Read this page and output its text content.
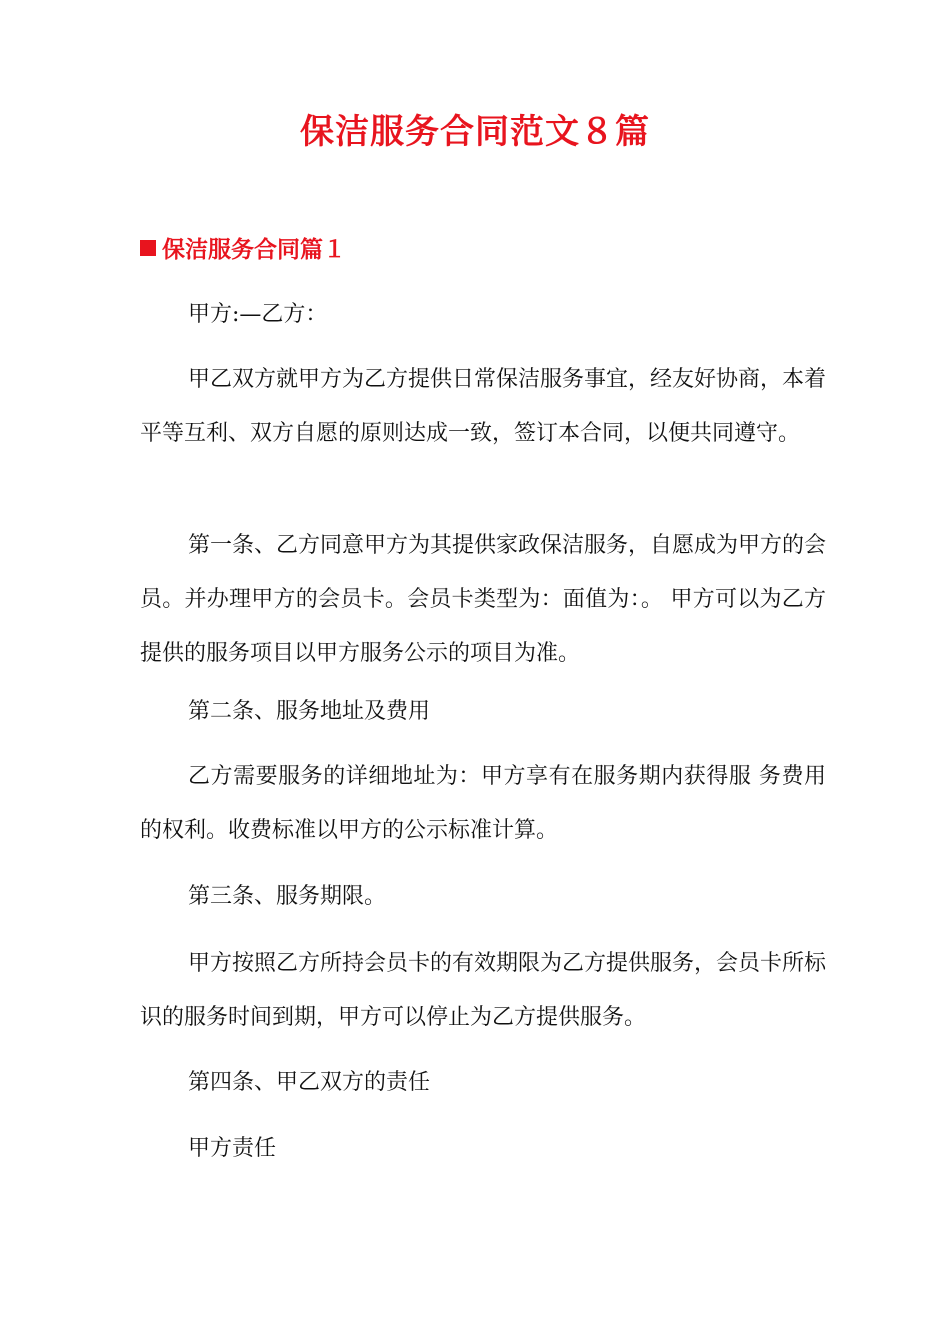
保洁服务合同范文８篇
保洁服务合同篇１

甲方:—乙方：

甲乙双方就甲方为乙方提供日常保洁服务事宜，经友好协商，本着平等互利、双方自愿的原则达成一致，签订本合同，以便共同遵守。

第一条、乙方同意甲方为其提供家政保洁服务，自愿成为甲方的会员。并办理甲方的会员卡。会员卡类型为：面值为：。 甲方可以为乙方提供的服务项目以甲方服务公示的项目为准。

第二条、服务地址及费用

乙方需要服务的详细地址为：甲方享有在服务期内获得服 务费用的权利。收费标准以甲方的公示标准计算。

第三条、服务期限。

甲方按照乙方所持会员卡的有效期限为乙方提供服务，会员卡所标识的服务时间到期，甲方可以停止为乙方提供服务。

第四条、甲乙双方的责任

甲方责任
